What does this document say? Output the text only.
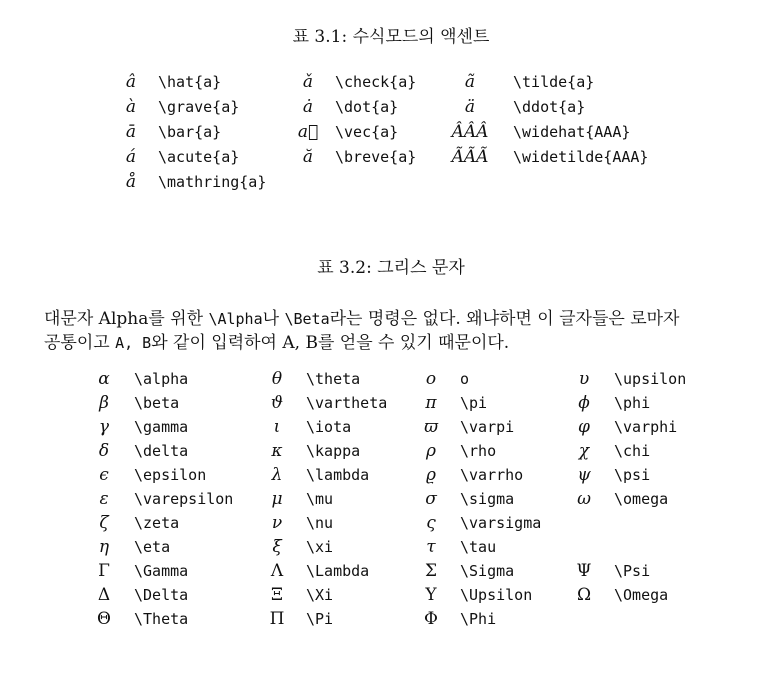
표 3.1: 수식모드의 액센트
â	\hat{a}	ǎ	\check{a}	ã	\tilde{a}
à	\grave{a}	ȧ	\dot{a}	ä	\ddot{a}
ā	\bar{a}	a⃗	\vec{a}	ÂÂÂ \widehat{AAA}
á	\acute{a}	ă	\breve{a} ÃÃÃ \widetilde{AAA}
å	\mathring{a}
표 3.2: 그리스 문자
대문자 Alpha를 위한 \Alpha나 \Beta라는 명령은 없다. 왜냐하면 이 글자들은 로마자
공통이고 A, B와 같이 입력하여 A, B를 얻을 수 있기 때문이다.
α	\alpha	θ	\theta	o	o	υ	\upsilon
β	\beta	ϑ	\vartheta	π	\pi	ϕ	\phi
γ	\gamma	ι	\iota	ϖ	\varpi	φ	\varphi
δ	\delta	κ	\kappa	ρ	\rho	χ	\chi
ϵ	\epsilon	λ	\lambda	ϱ	\varrho	ψ	\psi
ε	\varepsilon	μ	\mu	σ	\sigma	ω	\omega
ζ	\zeta	ν	\nu	ς	\varsigma
η	\eta	ξ	\xi	τ	\tau
Γ	\Gamma	Λ	\Lambda	Σ	\Sigma	Ψ	\Psi
Δ	\Delta	Ξ	\Xi	Υ	\Upsilon	Ω	\Omega
Θ	\Theta	Π	\Pi	Φ	\Phi
